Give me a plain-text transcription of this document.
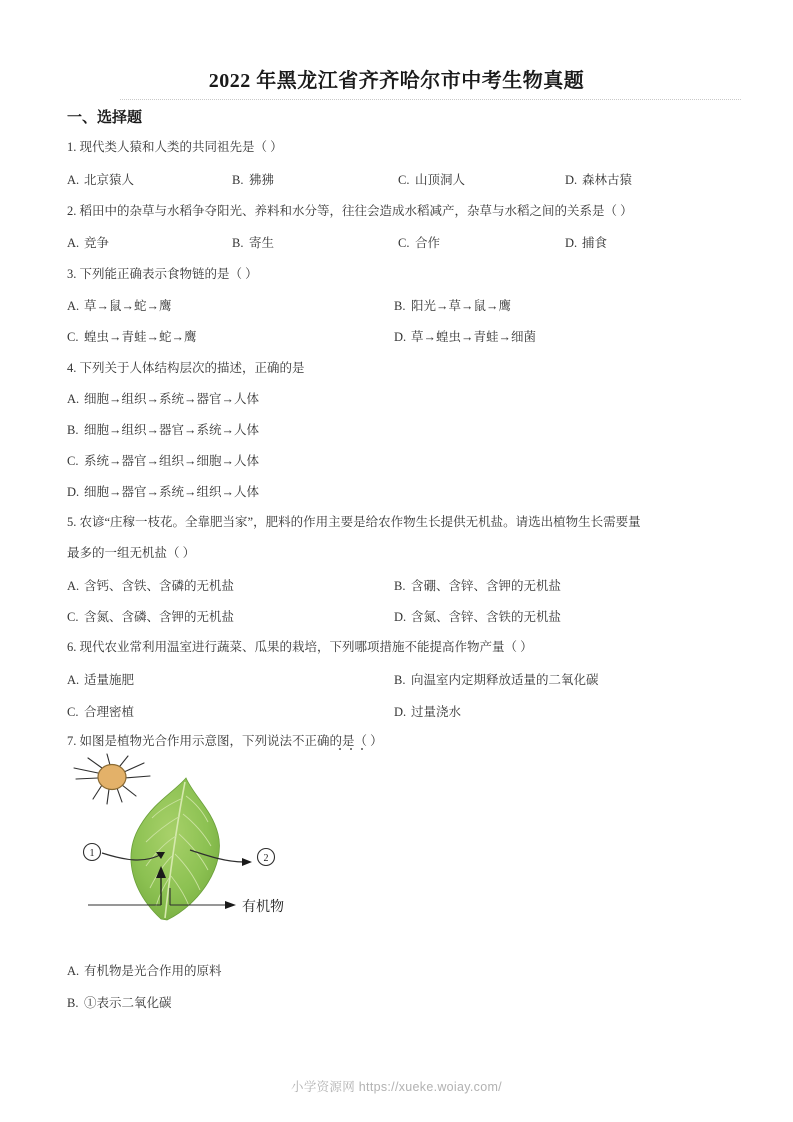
2022 年黑龙江省齐齐哈尔市中考生物真题
一、选择题
1. 现代类人猿和人类的共同祖先是（ ）
A. 北京猿人	B. 狒狒	C. 山顶洞人	D. 森林古猿
2. 稻田中的杂草与水稻争夺阳光、养料和水分等，往往会造成水稻减产，杂草与水稻之间的关系是（ ）
A. 竞争	B. 寄生	C. 合作	D. 捕食
3. 下列能正确表示食物链的是（ ）
A. 草→鼠→蛇→鹰	B. 阳光→草→鼠→鹰
C. 蝗虫→青蛙→蛇→鹰	D. 草→蝗虫→青蛙→细菌
4. 下列关于人体结构层次的描述，正确的是
A. 细胞→组织→系统→器官→人体
B. 细胞→组织→器官→系统→人体
C. 系统→器官→组织→细胞→人体
D. 细胞→器官→系统→组织→人体
5. 农谚“庄稼一枝花。全靠肥当家”，肥料的作用主要是给农作物生长提供无机盐。请选出植物生长需要量
最多的一组无机盐（ ）
A. 含钙、含铁、含磷的无机盐	B. 含硼、含锌、含钾的无机盐
C. 含氮、含磷、含钾的无机盐	D. 含氮、含锌、含铁的无机盐
6. 现代农业常利用温室进行蔬菜、瓜果的栽培，下列哪项措施不能提高作物产量（ ）
A. 适量施肥	B. 向温室内定期释放适量的二氧化碳
C. 合理密植	D. 过量浇水
7. 如图是植物光合作用示意图，下列说法不正确的是（ ）
1	2
有机物
A. 有机物是光合作用的原料
B. ①表示二氧化碳
小学资源网 https://xueke.woiay.com/
